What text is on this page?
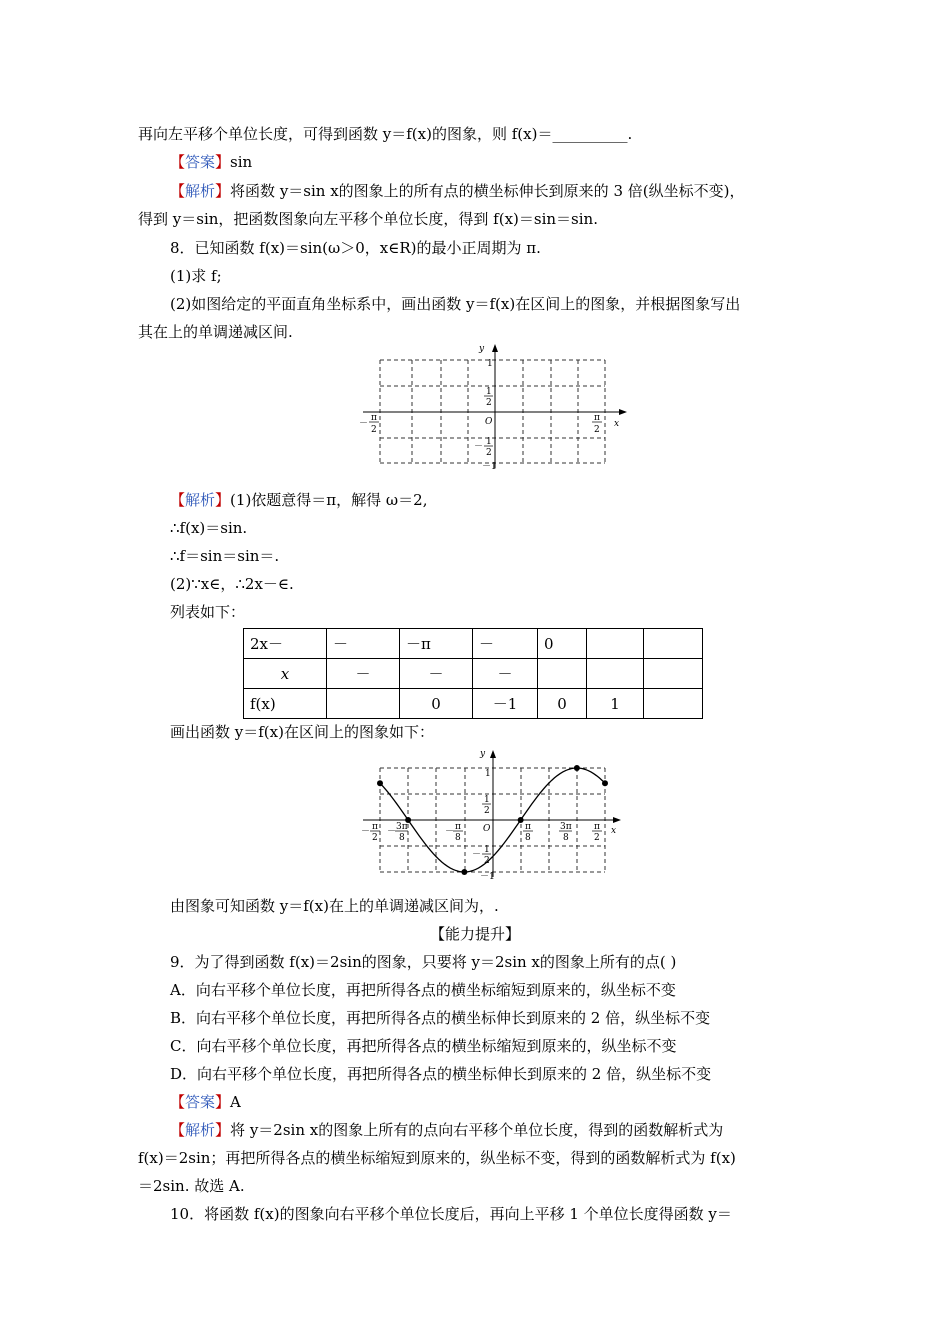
再向左平移个单位长度，可得到函数 y＝f(x)的图象，则 f(x)＝__________.
【答案】sin
【解析】将函数 y＝sin x的图象上的所有点的横坐标伸长到原来的 3 倍(纵坐标不变)，
得到 y＝sin，把函数图象向左平移个单位长度，得到 f(x)＝sin＝sin.
8．已知函数 f(x)＝sin(ω＞0，x∈R)的最小正周期为 π.
(1)求 f;
(2)如图给定的平面直角坐标系中，画出函数 y＝f(x)在区间上的图象，并根据图象写出
其在上的单调递减区间.
y
x
O
1
1
2
－ 1
2
－1
－
π
2
π
2
【解析】(1)依题意得＝π，解得 ω＝2,
∴f(x)＝sin.
∴f＝sin＝sin＝.
(2)∵x∈，∴2x－∈.
列表如下：
2x－	－	－π	－	0		
x	－	－	－			
f(x)		0	－1	0	1	
画出函数 y＝f(x)在区间上的图象如下：
y
x
O
1
1
2
－ 1
2
－1
－ π
2
－ 3π
8
－ π
8
π
8
3π
8
π
2
由图象可知函数 y＝f(x)在上的单调递减区间为，.
【能力提升】
9．为了得到函数 f(x)＝2sin的图象，只要将 y＝2sin x的图象上所有的点( )
A．向右平移个单位长度，再把所得各点的横坐标缩短到原来的，纵坐标不变
B．向右平移个单位长度，再把所得各点的横坐标伸长到原来的 2 倍，纵坐标不变
C．向右平移个单位长度，再把所得各点的横坐标缩短到原来的，纵坐标不变
D．向右平移个单位长度，再把所得各点的横坐标伸长到原来的 2 倍，纵坐标不变
【答案】A
【解析】将 y＝2sin x的图象上所有的点向右平移个单位长度，得到的函数解析式为
f(x)＝2sin；再把所得各点的横坐标缩短到原来的，纵坐标不变，得到的函数解析式为 f(x)
＝2sin. 故选 A.
10．将函数 f(x)的图象向右平移个单位长度后，再向上平移 1 个单位长度得函数 y＝
